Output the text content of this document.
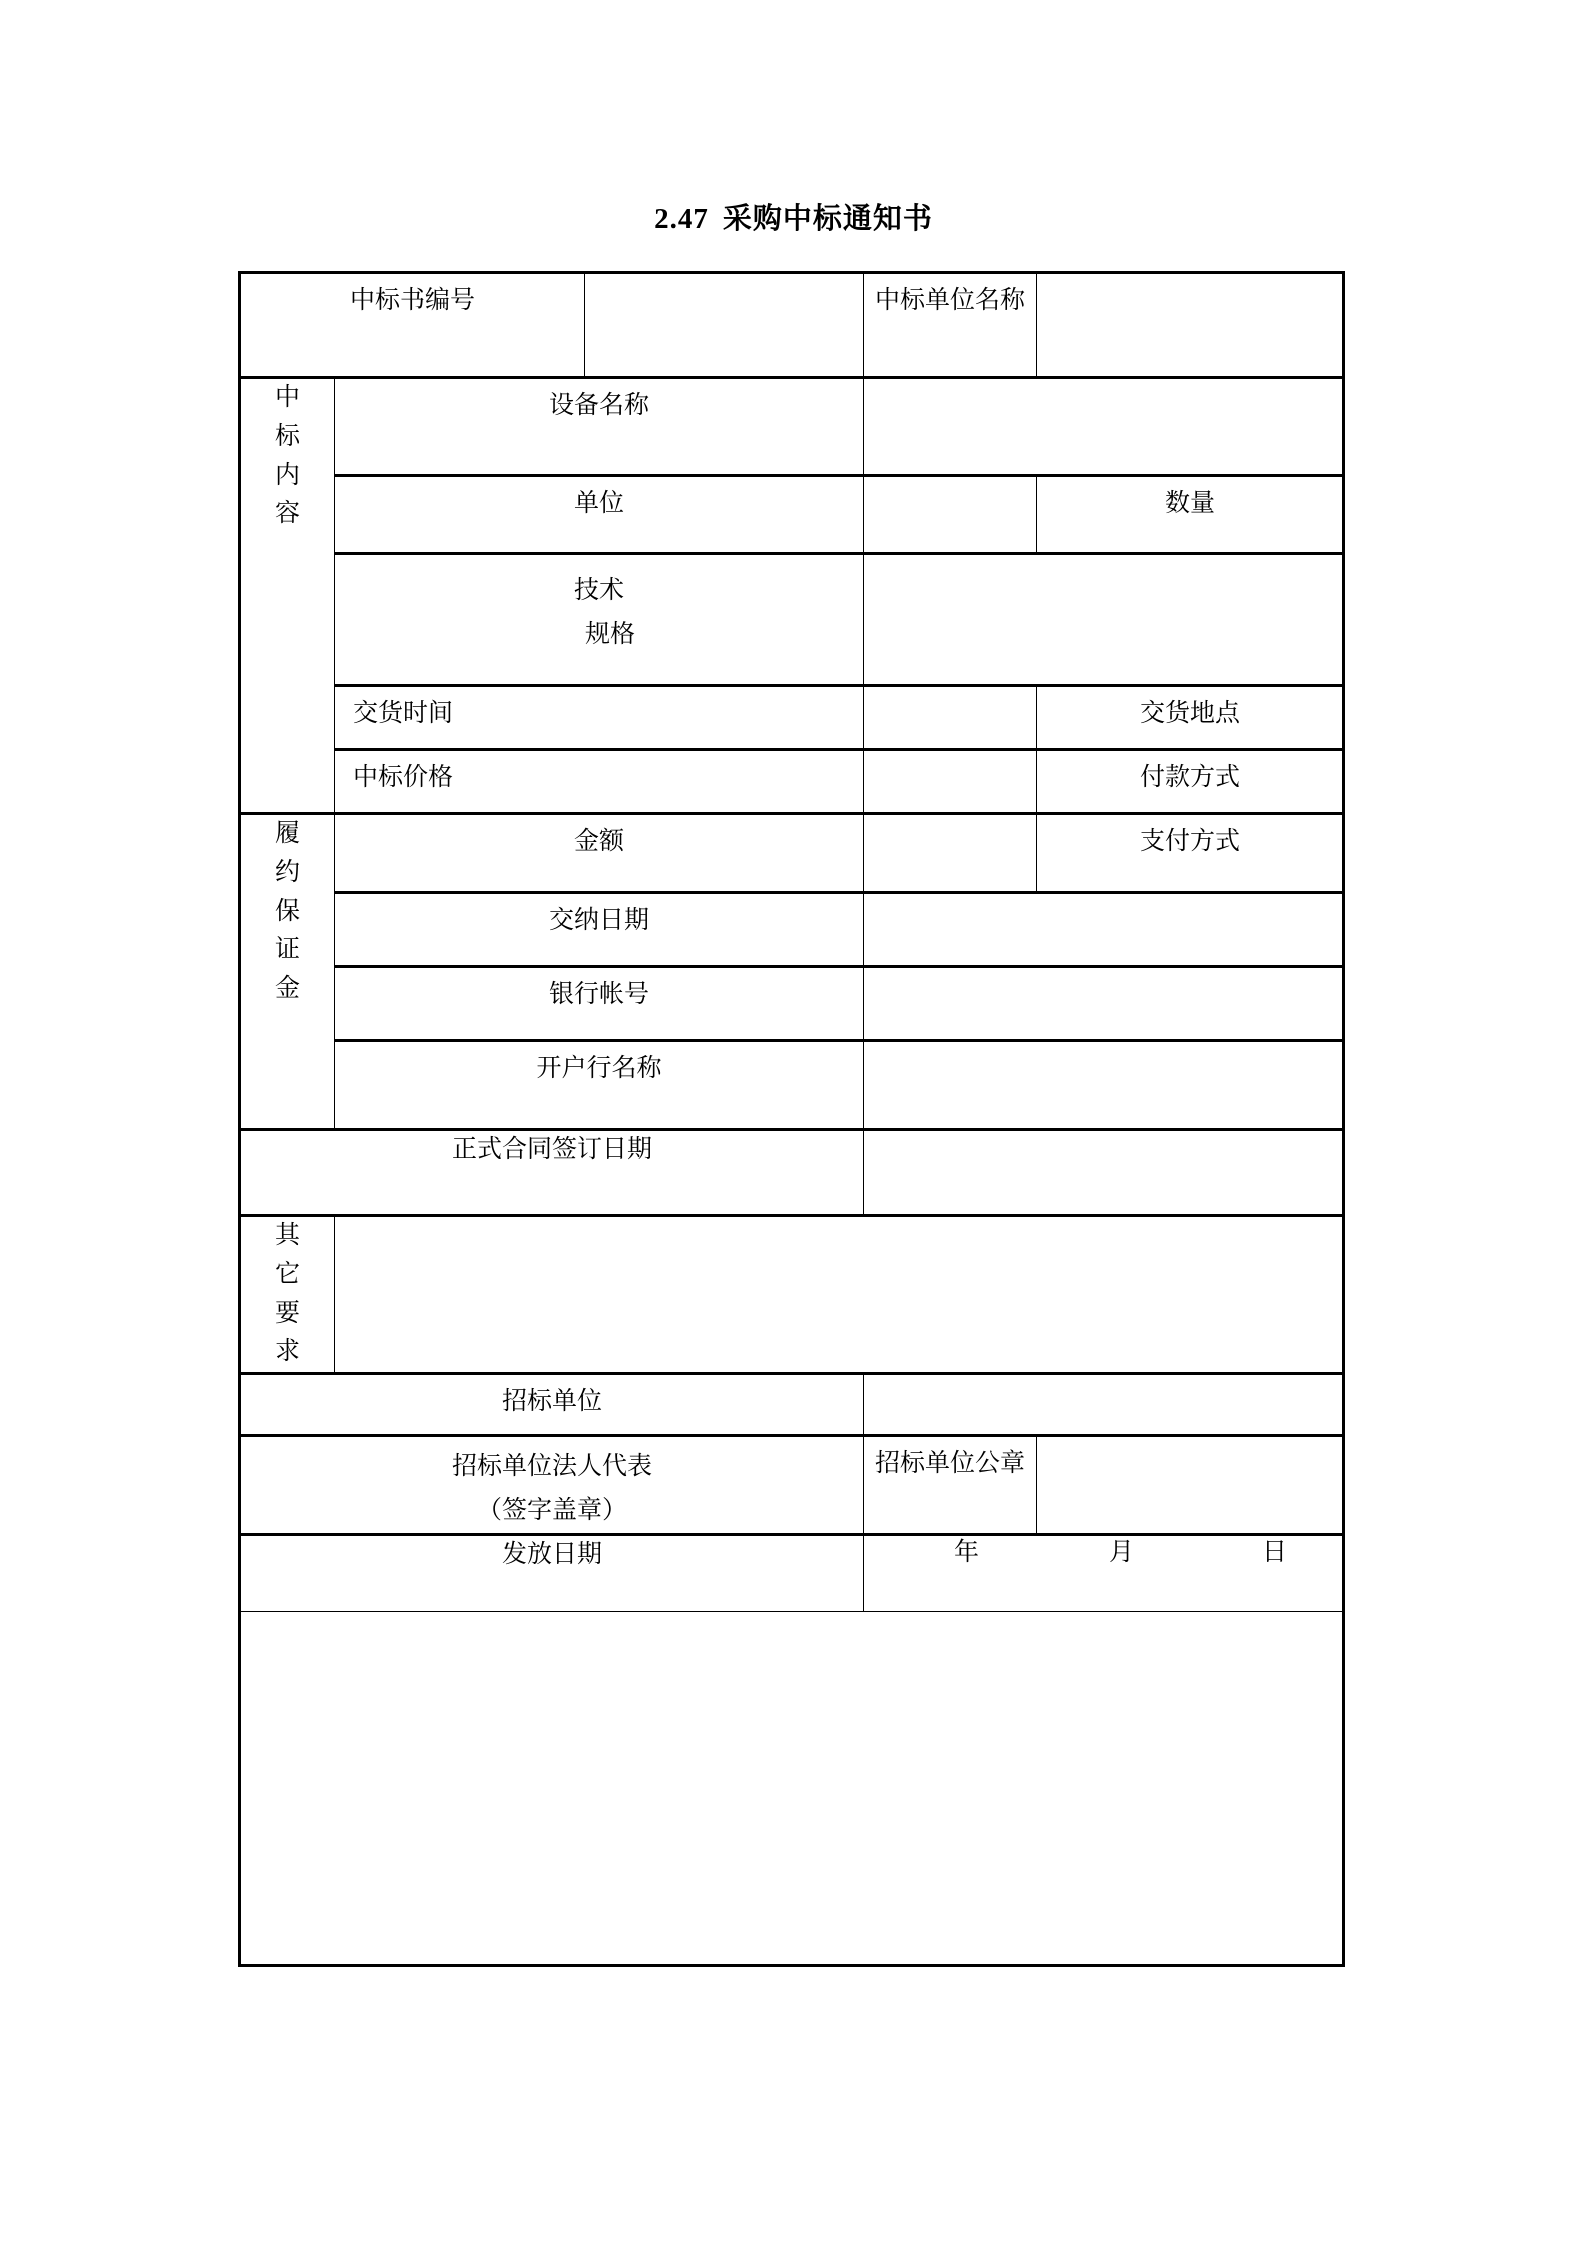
2.47 采购中标通知书
中标书编号			中标单位名称		

中
标
内
容	设备名称				

	单位			数量	

	技术
规格				

	交货时间			交货地点	

	中标价格			付款方式	

履
约
保
证
金	金额			支付方式	

	交纳日期				

	银行帐号				

	开户行名称				

正式合同签订日期					

其
它
要
求					

招标单位					

招标单位法人代表
（签字盖章）			招标单位公章		

发放日期			年 月 日		
